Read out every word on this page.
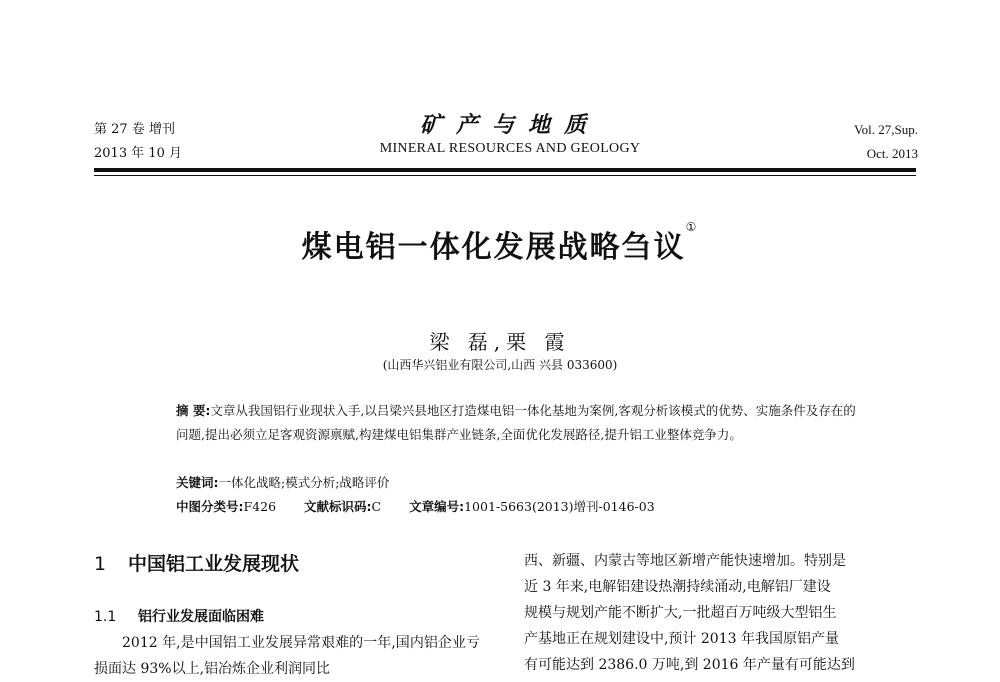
第 27 卷 增刊
2013 年 10 月
矿产与地质
MINERAL RESOURCES AND GEOLOGY
Vol. 27,Sup.
Oct. 2013
煤电铝一体化发展战略刍议①
梁 磊,栗 霞
(山西华兴铝业有限公司,山西 兴县 033600)
摘 要:文章从我国铝行业现状入手,以吕梁兴县地区打造煤电铝一体化基地为案例,客观分析该模式的优势、实施条件及存在的问题,提出必须立足客观资源禀赋,构建煤电铝集群产业链条,全面优化发展路径,提升铝工业整体竞争力。
关键词:一体化战略;模式分析;战略评价
中图分类号:F426 文献标识码:C 文章编号:1001-5663(2013)增刊-0146-03
1 中国铝工业发展现状
1.1 铝行业发展面临困难
2012 年,是中国铝工业发展异常艰难的一年,国内铝企业亏损面达 93%以上,铝冶炼企业利润同比
西、新疆、内蒙古等地区新增产能快速增加。特别是
近 3 年来,电解铝建设热潮持续涌动,电解铝厂建设
规模与规划产能不断扩大,一批超百万吨级大型铝生
产基地正在规划建设中,预计 2013 年我国原铝产量
有可能达到 2386.0 万吨,到 2016 年产量有可能达到
